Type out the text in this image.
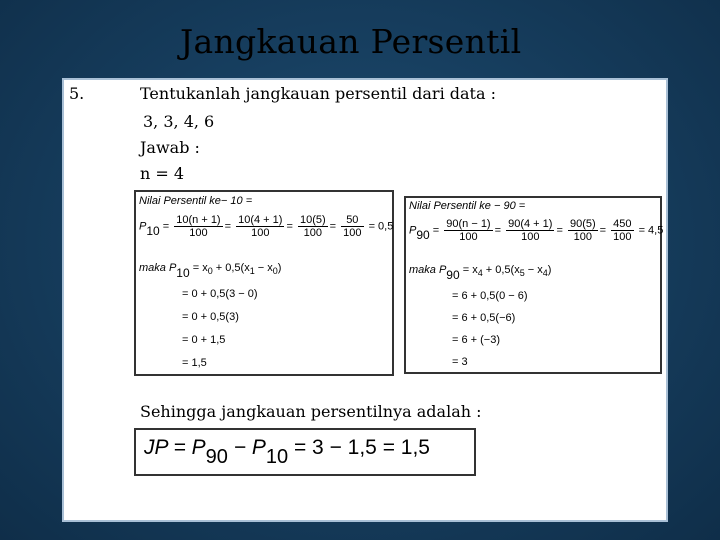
Jangkauan Persentil
5.	Tentukanlah jangkauan persentil dari data :
3, 3, 4, 6
Jawab :
n = 4
Nilai Persentil ke− 10 =
$P10 = \frac{10(n + 1)}{100} = \frac{10(4 + 1)}{100} = \frac{10(5)}{100} = \frac{50}{100} = 0,5$
maka $P10 = x_0 + 0,5(x_1 - x_0)$
= 0 + 0,5(3 − 0)
= 0 + 0,5(3)
= 0 + 1,5
= 1,5
Nilai Persentil ke − 90 =
$P90 = \frac{90(n - 1)}{100} = \frac{90(4 + 1)}{100} = \frac{90(5)}{100} = \frac{450}{100} = 4,5$
maka $P90 = x_4 + 0,5(x_5 - x_4)$
= 6 + 0,5(0 − 6)
= 6 + 0,5(−6)
= 6 + (−3)
= 3
Sehingga jangkauan persentilnya adalah :
JP = P90 − P10 = 3 − 1,5 = 1,5
